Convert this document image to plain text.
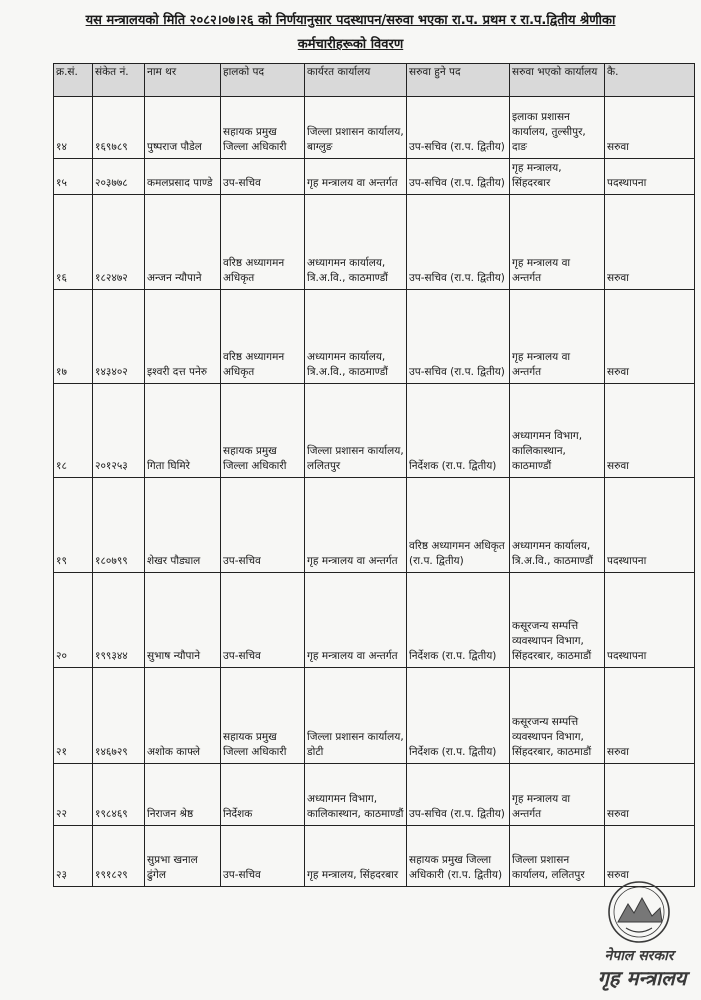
यस मन्त्रालयको मिति २०८२।०७।२६ को निर्णयानुसार पदस्थापन/सरुवा भएका रा.प. प्रथम र रा.प.द्वितीय श्रेणीका
कर्मचारीहरूको विवरण
क्र.सं.	संकेत नं.	नाम थर	हालको पद	कार्यरत कार्यालय	सरुवा हुने पद	सरुवा भएको कार्यालय	कै.
१४	१६९७८९	पुष्पराज पौडेल	सहायक प्रमुख जिल्ला अधिकारी	जिल्ला प्रशासन कार्यालय, बाग्लुङ	उप-सचिव (रा.प. द्वितीय)	इलाका प्रशासन कार्यालय, तुल्सीपुर, दाङ	सरुवा
१५	२०३७७८	कमलप्रसाद पाण्डे	उप-सचिव	गृह मन्त्रालय वा अन्तर्गत	उप-सचिव (रा.प. द्वितीय)	गृह मन्त्रालय, सिंहदरबार	पदस्थापना
१६	१८२४७२	अन्जन न्यौपाने	वरिष्ठ अध्यागमन अधिकृत	अध्यागमन कार्यालय, त्रि.अ.वि., काठमाण्डौं	उप-सचिव (रा.प. द्वितीय)	गृह मन्त्रालय वा अन्तर्गत	सरुवा
१७	१४३४०२	इश्वरी दत्त पनेरु	वरिष्ठ अध्यागमन अधिकृत	अध्यागमन कार्यालय, त्रि.अ.वि., काठमाण्डौं	उप-सचिव (रा.प. द्वितीय)	गृह मन्त्रालय वा अन्तर्गत	सरुवा
१८	२०१२५३	गिता घिमिरे	सहायक प्रमुख जिल्ला अधिकारी	जिल्ला प्रशासन कार्यालय, ललितपुर	निर्देशक (रा.प. द्वितीय)	अध्यागमन विभाग, कालिकास्थान, काठमाण्डौं	सरुवा
१९	१८०७९९	शेखर पौड्याल	उप-सचिव	गृह मन्त्रालय वा अन्तर्गत	वरिष्ठ अध्यागमन अधिकृत (रा.प. द्वितीय)	अध्यागमन कार्यालय, त्रि.अ.वि., काठमाण्डौं	पदस्थापना
२०	१९९३४४	सुभाष न्यौपाने	उप-सचिव	गृह मन्त्रालय वा अन्तर्गत	निर्देशक (रा.प. द्वितीय)	कसूरजन्य सम्पत्ति व्यवस्थापन विभाग, सिंहदरबार, काठमाडौं	पदस्थापना
२१	१४६७२९	अशोक काफ्ले	सहायक प्रमुख जिल्ला अधिकारी	जिल्ला प्रशासन कार्यालय, डोटी	निर्देशक (रा.प. द्वितीय)	कसूरजन्य सम्पत्ति व्यवस्थापन विभाग, सिंहदरबार, काठमाडौं	सरुवा
२२	१९८४६९	निराजन श्रेष्ठ	निर्देशक	अध्यागमन विभाग, कालिकास्थान, काठमाण्डौं	उप-सचिव (रा.प. द्वितीय)	गृह मन्त्रालय वा अन्तर्गत	सरुवा
२३	१९१८२९	सुप्रभा खनाल ढुंगेल	उप-सचिव	गृह मन्त्रालय, सिंहदरबार	सहायक प्रमुख जिल्ला अधिकारी (रा.प. द्वितीय)	जिल्ला प्रशासन कार्यालय, ललितपुर	सरुवा
नेपाल सरकार
गृह मन्त्रालय
